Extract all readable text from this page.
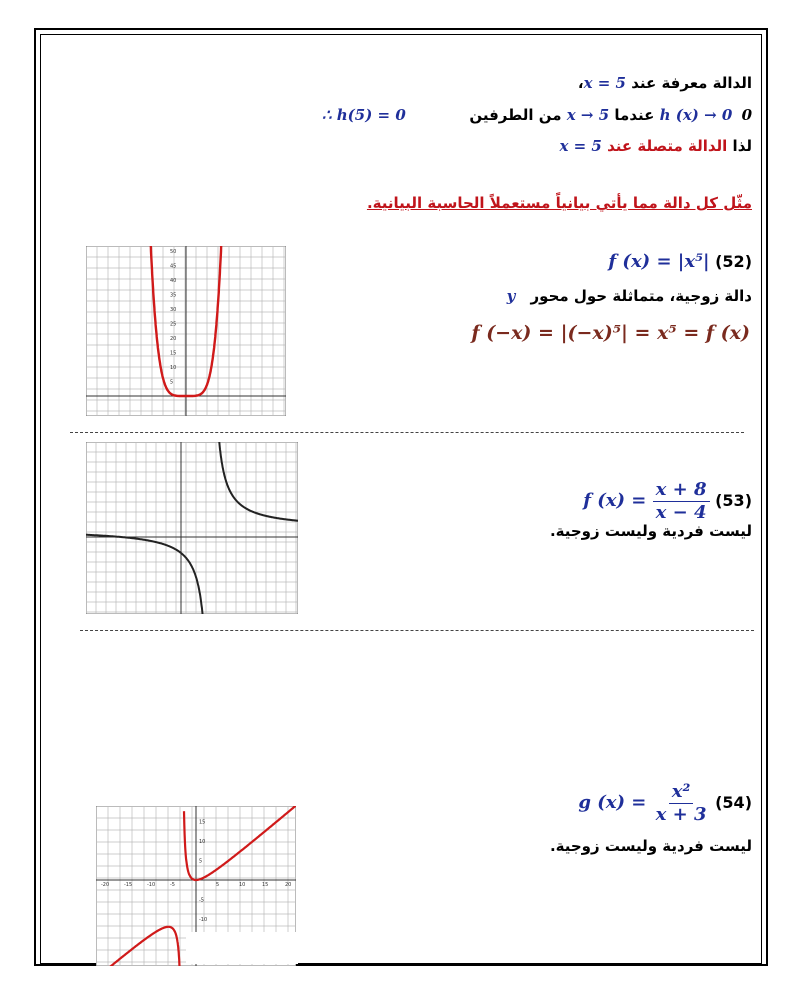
الدالة معرفة عند x = 5،
0 h (x) → 0 عندما x → 5 من الطرفين
∴ h(5) = 0
لذا الدالة متصلة عند x = 5
مثّل كل دالة مما يأتي بيانياً مستعملاً الحاسبة البيانية.
(52) f (x) = |x⁵|
دالة زوجية، متماثلة حول محور y
f (−x) = |(−x)⁵| = x⁵ = f (x)
50
45
40
35
30
25
20
15
10
5
(53) f $(x) = \frac{x + 8}{x - 4}$
ليست فردية وليست زوجية.
(54) g $(x) = \frac{\text{x²}}{x + 3}$
ليست فردية وليست زوجية.
-20	-15	-10	-5	5	10	15	20
15
10
5
-5
-10
